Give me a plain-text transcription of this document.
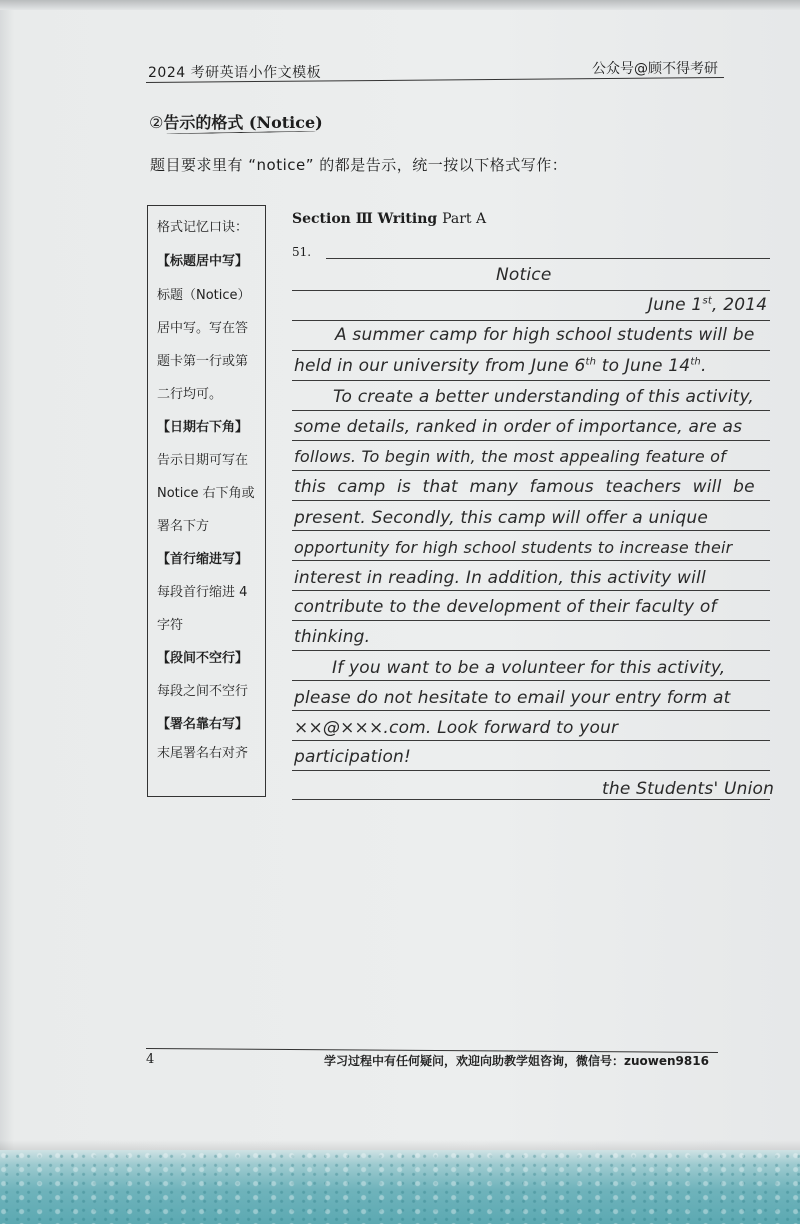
2024 考研英语小作文模板	公众号@顾不得考研
②告示的格式 (Notice)
题目要求里有 “notice” 的都是告示，统一按以下格式写作：
格式记忆口诀：
【标题居中写】
标题（Notice）
居中写。写在答
题卡第一行或第
二行均可。
【日期右下角】
告示日期可写在
Notice 右下角或
署名下方
【首行缩进写】
每段首行缩进 4
字符
【段间不空行】
每段之间不空行
【署名靠右写】
末尾署名右对齐
Section Ⅲ Writing Part A
51.
Notice
June 1st, 2014
A summer camp for high school students will be
held in our university from June 6th to June 14th.
To create a better understanding of this activity,
some details, ranked in order of importance, are as
follows. To begin with, the most appealing feature of
this camp is that many famous teachers will be
present. Secondly, this camp will offer a unique
opportunity for high school students to increase their
interest in reading. In addition, this activity will
contribute to the development of their faculty of
thinking.
If you want to be a volunteer for this activity,
please do not hesitate to email your entry form at
××@×××.com. Look forward to your
participation!
the Students' Union
4	学习过程中有任何疑问，欢迎向助教学姐咨询，微信号：zuowen9816
